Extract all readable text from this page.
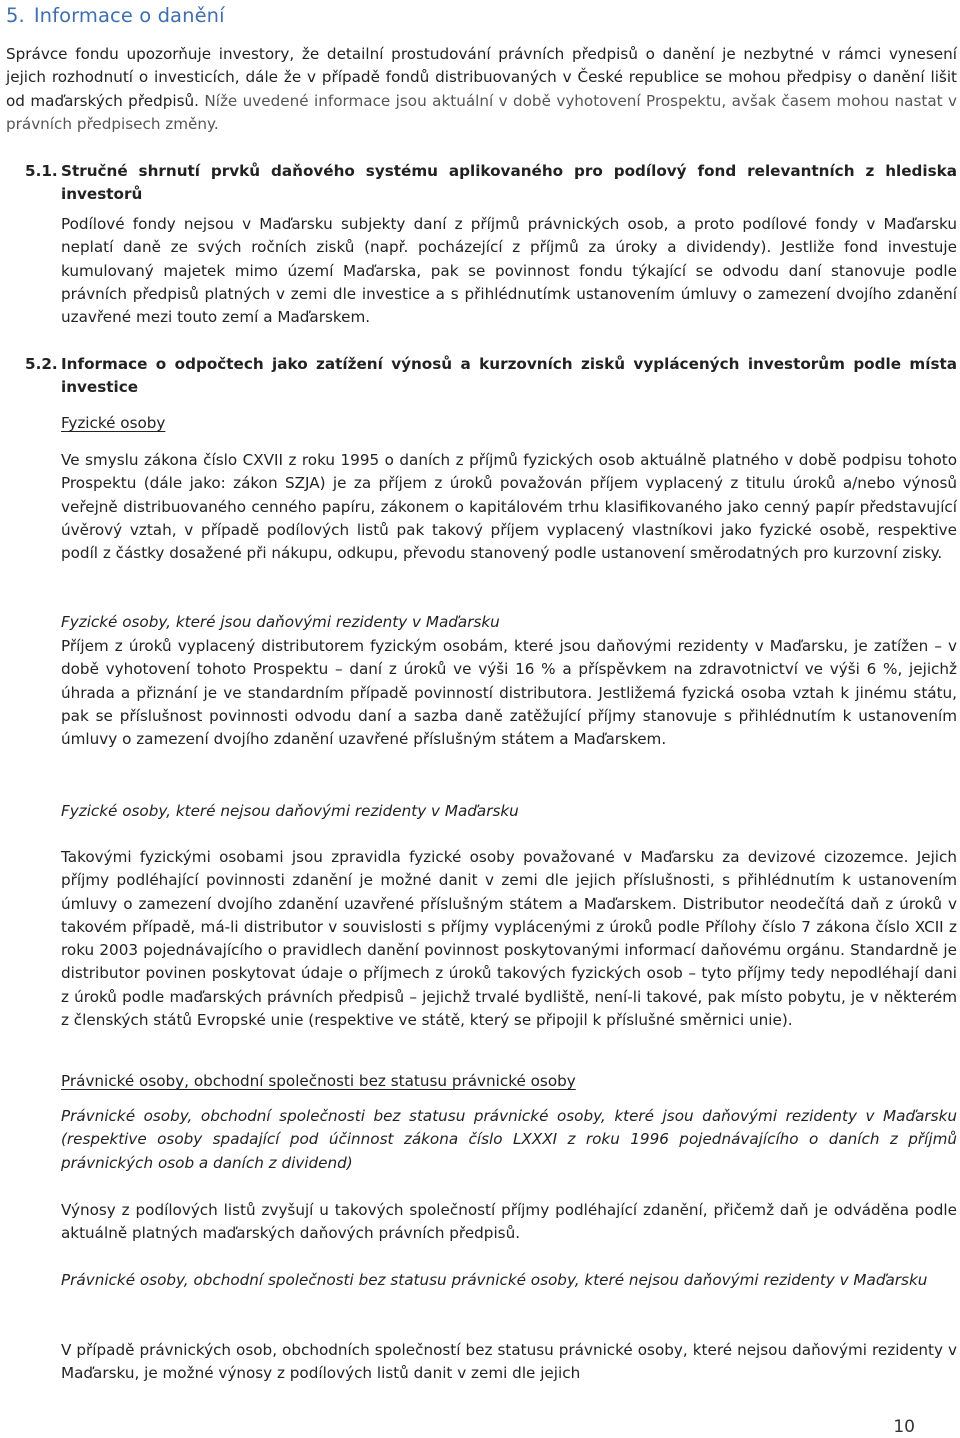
5. Informace o danění

Správce fondu upozorňuje investory, že detailní prostudování právních předpisů o danění je nezbytné v rámci vynesení jejich rozhodnutí o investicích, dále že v případě fondů distribuovaných v České republice se mohou předpisy o danění lišit od maďarských předpisů. Níže uvedené informace jsou aktuální v době vyhotovení Prospektu, avšak časem mohou nastat v právních předpisech změny.

5.1. Stručné shrnutí prvků daňového systému aplikovaného pro podílový fond relevantních z hlediska investorů

Podílové fondy nejsou v Maďarsku subjekty daní z příjmů právnických osob, a proto podílové fondy v Maďarsku neplatí daně ze svých ročních zisků (např. pocházející z příjmů za úroky a dividendy). Jestliže fond investuje kumulovaný majetek mimo území Maďarska, pak se povinnost fondu týkající se odvodu daní stanovuje podle právních předpisů platných v zemi dle investice a s přihlédnutímk ustanovením úmluvy o zamezení dvojího zdanění uzavřené mezi touto zemí a Maďarskem.

5.2. Informace o odpočtech jako zatížení výnosů a kurzovních zisků vyplácených investorům podle místa investice

Fyzické osoby

Ve smyslu zákona číslo CXVII z roku 1995 o daních z příjmů fyzických osob aktuálně platného v době podpisu tohoto Prospektu (dále jako: zákon SZJA) je za příjem z úroků považován příjem vyplacený z titulu úroků a/nebo výnosů veřejně distribuovaného cenného papíru, zákonem o kapitálovém trhu klasifikovaného jako cenný papír představující úvěrový vztah, v případě podílových listů pak takový příjem vyplacený vlastníkovi jako fyzické osobě, respektive podíl z částky dosažené při nákupu, odkupu, převodu stanovený podle ustanovení směrodatných pro kurzovní zisky.

Fyzické osoby, které jsou daňovými rezidenty v Maďarsku

Příjem z úroků vyplacený distributorem fyzickým osobám, které jsou daňovými rezidenty v Maďarsku, je zatížen – v době vyhotovení tohoto Prospektu – daní z úroků ve výši 16 % a příspěvkem na zdravotnictví ve výši 6 %, jejichž úhrada a přiznání je ve standardním případě povinností distributora. Jestližemá fyzická osoba vztah k jinému státu, pak se příslušnost povinnosti odvodu daní a sazba daně zatěžující příjmy stanovuje s přihlédnutím k ustanovením úmluvy o zamezení dvojího zdanění uzavřené příslušným státem a Maďarskem.

Fyzické osoby, které nejsou daňovými rezidenty v Maďarsku

Takovými fyzickými osobami jsou zpravidla fyzické osoby považované v Maďarsku za devizové cizozemce. Jejich příjmy podléhající povinnosti zdanění je možné danit v zemi dle jejich příslušnosti, s přihlédnutím k ustanovením úmluvy o zamezení dvojího zdanění uzavřené příslušným státem a Maďarskem. Distributor neodečítá daň z úroků v takovém případě, má-li distributor v souvislosti s příjmy vyplácenými z úroků podle Přílohy číslo 7 zákona číslo XCII z roku 2003 pojednávajícího o pravidlech danění povinnost poskytovanými informací daňovému orgánu. Standardně je distributor povinen poskytovat údaje o příjmech z úroků takových fyzických osob – tyto příjmy tedy nepodléhají dani z úroků podle maďarských právních předpisů – jejichž trvalé bydliště, není-li takové, pak místo pobytu, je v některém z členských států Evropské unie (respektive ve státě, který se připojil k příslušné směrnici unie).

Právnické osoby, obchodní společnosti bez statusu právnické osoby

Právnické osoby, obchodní společnosti bez statusu právnické osoby, které jsou daňovými rezidenty v Maďarsku (respektive osoby spadající pod účinnost zákona číslo LXXXI z roku 1996 pojednávajícího o daních z příjmů právnických osob a daních z dividend)

Výnosy z podílových listů zvyšují u takových společností příjmy podléhající zdanění, přičemž daň je odváděna podle aktuálně platných maďarských daňových právních předpisů.

Právnické osoby, obchodní společnosti bez statusu právnické osoby, které nejsou daňovými rezidenty v Maďarsku

V případě právnických osob, obchodních společností bez statusu právnické osoby, které nejsou daňovými rezidenty v Maďarsku, je možné výnosy z podílových listů danit v zemi dle jejich

10
